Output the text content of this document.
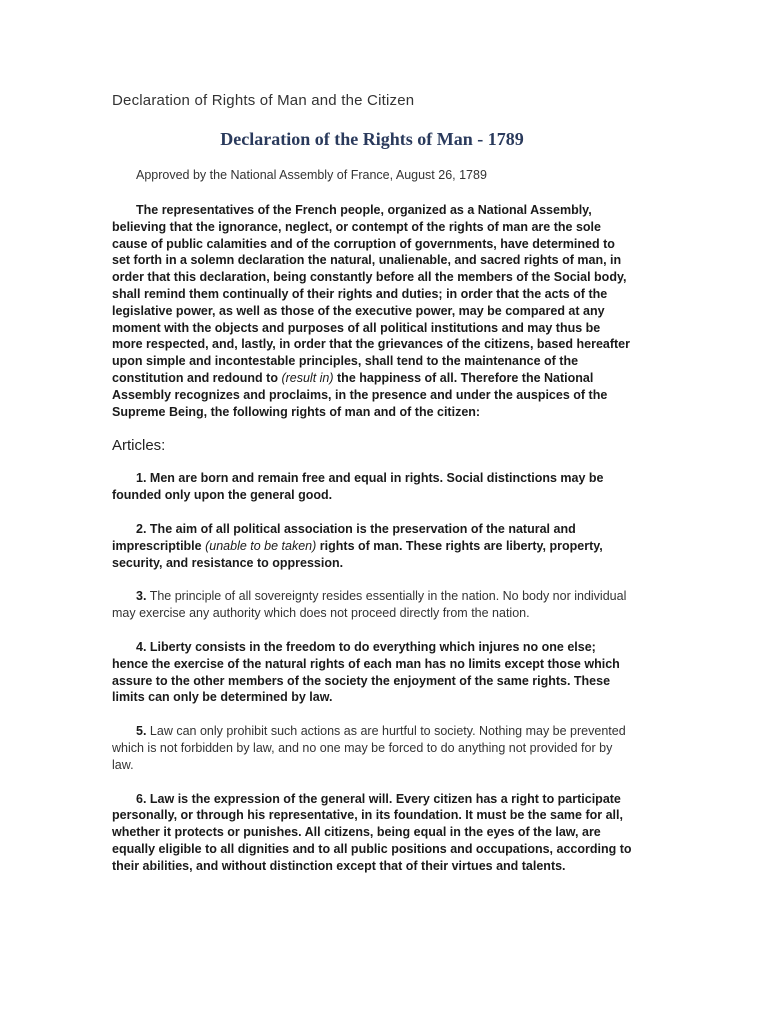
Declaration of Rights of Man and the Citizen
Declaration of the Rights of Man - 1789
Approved by the National Assembly of France, August 26, 1789

The representatives of the French people, organized as a National Assembly, believing that the ignorance, neglect, or contempt of the rights of man are the sole cause of public calamities and of the corruption of governments, have determined to set forth in a solemn declaration the natural, unalienable, and sacred rights of man, in order that this declaration, being constantly before all the members of the Social body, shall remind them continually of their rights and duties; in order that the acts of the legislative power, as well as those of the executive power, may be compared at any moment with the objects and purposes of all political institutions and may thus be more respected, and, lastly, in order that the grievances of the citizens, based hereafter upon simple and incontestable principles, shall tend to the maintenance of the constitution and redound to (result in) the happiness of all. Therefore the National Assembly recognizes and proclaims, in the presence and under the auspices of the Supreme Being, the following rights of man and of the citizen:

Articles:

1. Men are born and remain free and equal in rights. Social distinctions may be founded only upon the general good.

2. The aim of all political association is the preservation of the natural and imprescriptible (unable to be taken) rights of man. These rights are liberty, property, security, and resistance to oppression.

3. The principle of all sovereignty resides essentially in the nation. No body nor individual may exercise any authority which does not proceed directly from the nation.

4. Liberty consists in the freedom to do everything which injures no one else; hence the exercise of the natural rights of each man has no limits except those which assure to the other members of the society the enjoyment of the same rights. These limits can only be determined by law.

5. Law can only prohibit such actions as are hurtful to society. Nothing may be prevented which is not forbidden by law, and no one may be forced to do anything not provided for by law.

6. Law is the expression of the general will. Every citizen has a right to participate personally, or through his representative, in its foundation. It must be the same for all, whether it protects or punishes. All citizens, being equal in the eyes of the law, are equally eligible to all dignities and to all public positions and occupations, according to their abilities, and without distinction except that of their virtues and talents.
